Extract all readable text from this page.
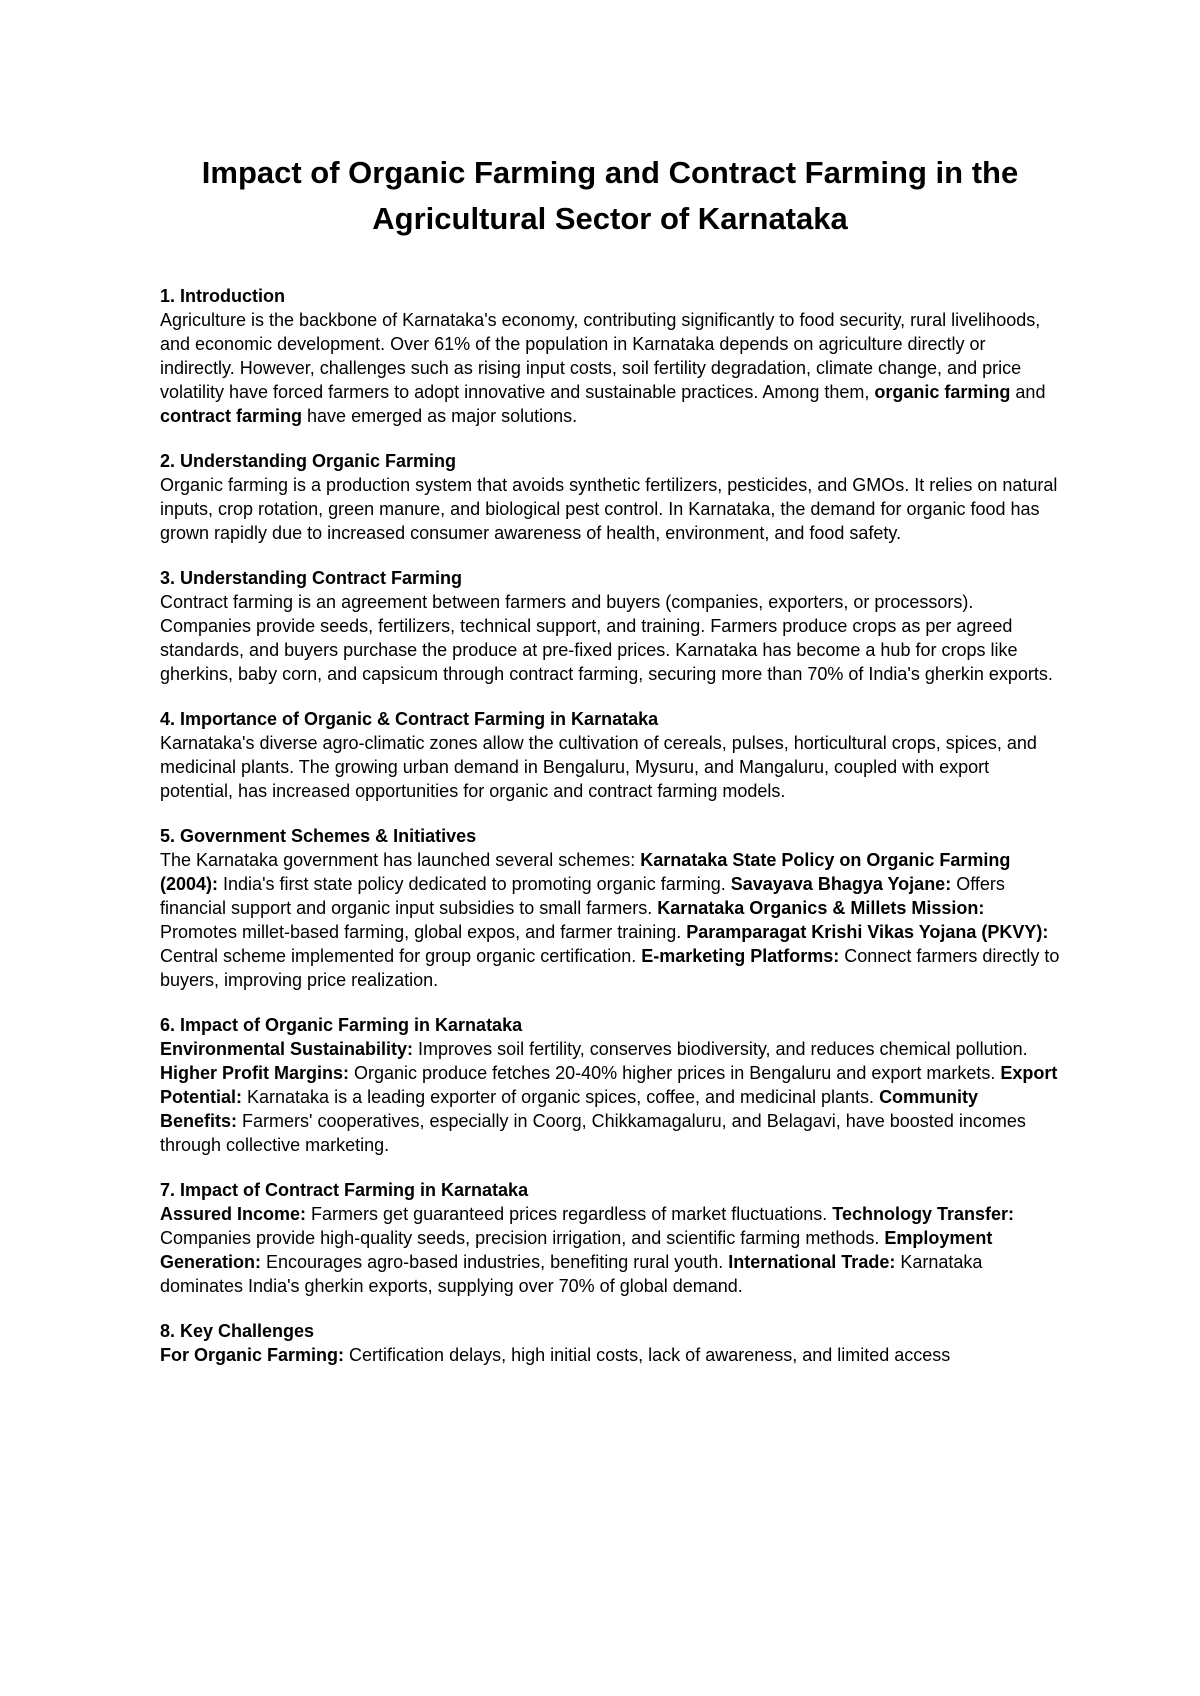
Impact of Organic Farming and Contract Farming in the Agricultural Sector of Karnataka

1. Introduction

Agriculture is the backbone of Karnataka's economy, contributing significantly to food security, rural livelihoods, and economic development. Over 61% of the population in Karnataka depends on agriculture directly or indirectly. However, challenges such as rising input costs, soil fertility degradation, climate change, and price volatility have forced farmers to adopt innovative and sustainable practices. Among them, organic farming and contract farming have emerged as major solutions.

2. Understanding Organic Farming

Organic farming is a production system that avoids synthetic fertilizers, pesticides, and GMOs. It relies on natural inputs, crop rotation, green manure, and biological pest control. In Karnataka, the demand for organic food has grown rapidly due to increased consumer awareness of health, environment, and food safety.

3. Understanding Contract Farming

Contract farming is an agreement between farmers and buyers (companies, exporters, or processors). Companies provide seeds, fertilizers, technical support, and training. Farmers produce crops as per agreed standards, and buyers purchase the produce at pre-fixed prices. Karnataka has become a hub for crops like gherkins, baby corn, and capsicum through contract farming, securing more than 70% of India's gherkin exports.

4. Importance of Organic & Contract Farming in Karnataka

Karnataka's diverse agro-climatic zones allow the cultivation of cereals, pulses, horticultural crops, spices, and medicinal plants. The growing urban demand in Bengaluru, Mysuru, and Mangaluru, coupled with export potential, has increased opportunities for organic and contract farming models.

5. Government Schemes & Initiatives

The Karnataka government has launched several schemes: Karnataka State Policy on Organic Farming (2004): India's first state policy dedicated to promoting organic farming. Savayava Bhagya Yojane: Offers financial support and organic input subsidies to small farmers. Karnataka Organics & Millets Mission: Promotes millet-based farming, global expos, and farmer training. Paramparagat Krishi Vikas Yojana (PKVY): Central scheme implemented for group organic certification. E-marketing Platforms: Connect farmers directly to buyers, improving price realization.

6. Impact of Organic Farming in Karnataka

Environmental Sustainability: Improves soil fertility, conserves biodiversity, and reduces chemical pollution. Higher Profit Margins: Organic produce fetches 20-40% higher prices in Bengaluru and export markets. Export Potential: Karnataka is a leading exporter of organic spices, coffee, and medicinal plants. Community Benefits: Farmers' cooperatives, especially in Coorg, Chikkamagaluru, and Belagavi, have boosted incomes through collective marketing.

7. Impact of Contract Farming in Karnataka

Assured Income: Farmers get guaranteed prices regardless of market fluctuations. Technology Transfer: Companies provide high-quality seeds, precision irrigation, and scientific farming methods. Employment Generation: Encourages agro-based industries, benefiting rural youth. International Trade: Karnataka dominates India's gherkin exports, supplying over 70% of global demand.

8. Key Challenges

For Organic Farming: Certification delays, high initial costs, lack of awareness, and limited access
